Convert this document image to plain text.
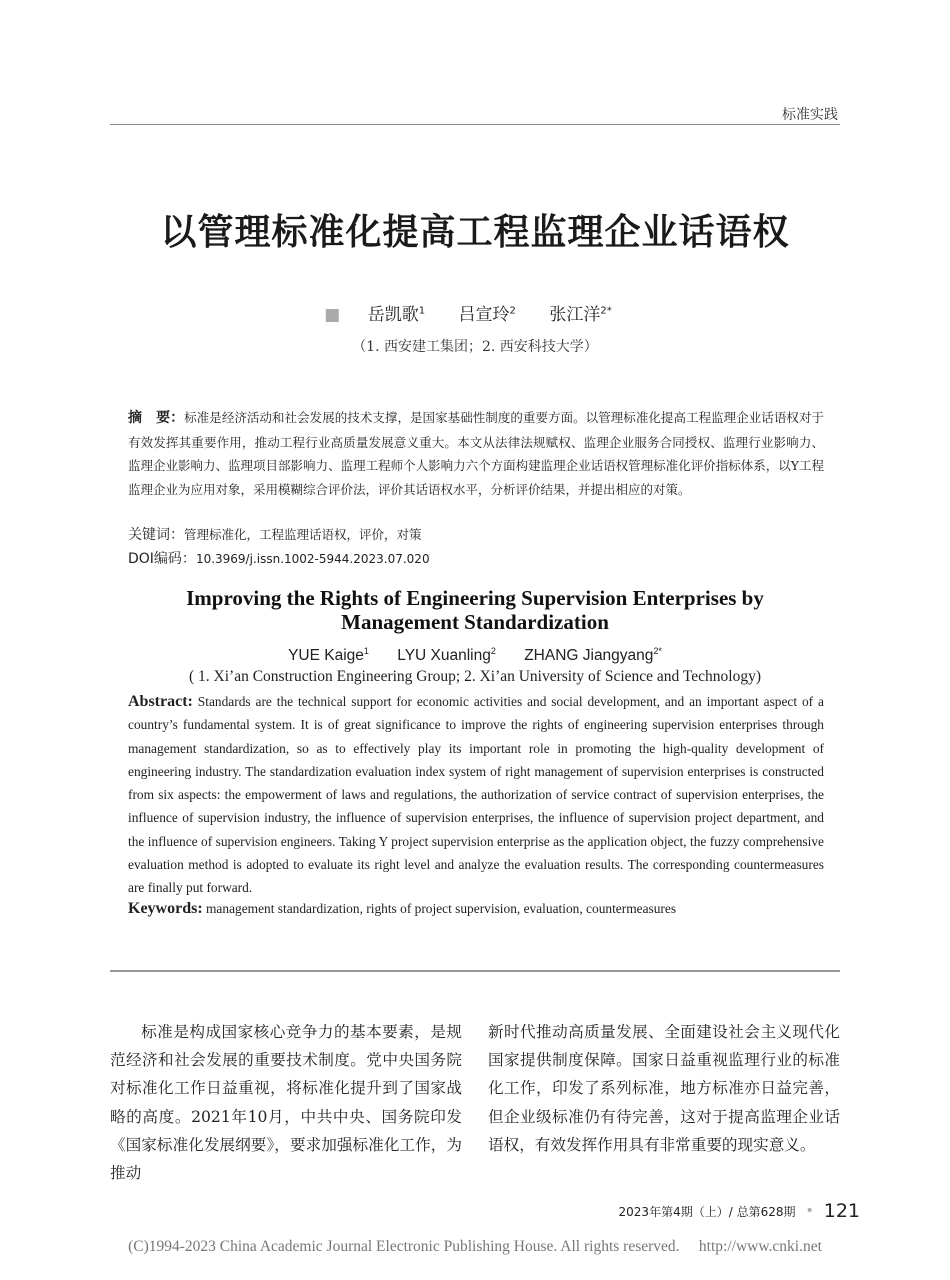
标准实践
以管理标准化提高工程监理企业话语权
■ 岳凯歌$^1$ 吕宣玲$^2$ 张江洋$^{2*}$
（1. 西安建工集团；2. 西安科技大学）
摘　要：标准是经济活动和社会发展的技术支撑，是国家基础性制度的重要方面。以管理标准化提高工程监理企业话语权对于有效发挥其重要作用，推动工程行业高质量发展意义重大。本文从法律法规赋权、监理企业服务合同授权、监理行业影响力、监理企业影响力、监理项目部影响力、监理工程师个人影响力六个方面构建监理企业话语权管理标准化评价指标体系，以Y工程监理企业为应用对象，采用模糊综合评价法，评价其话语权水平，分析评价结果，并提出相应的对策。
关键词：管理标准化，工程监理话语权，评价，对策
DOI编码：10.3969/j.issn.1002-5944.2023.07.020
Improving the Rights of Engineering Supervision Enterprises by
Management Standardization
YUE Kaige$^1$ LYU Xuanling$^2$ ZHANG Jiangyang$^{2*}$
( 1. Xi’an Construction Engineering Group; 2. Xi’an University of Science and Technology)
Abstract: Standards are the technical support for economic activities and social development, and an important aspect of a country’s fundamental system. It is of great significance to improve the rights of engineering supervision enterprises through management standardization, so as to effectively play its important role in promoting the high-quality development of engineering industry. The standardization evaluation index system of right management of supervision enterprises is constructed from six aspects: the empowerment of laws and regulations, the authorization of service contract of supervision enterprises, the influence of supervision industry, the influence of supervision enterprises, the influence of supervision project department, and the influence of supervision engineers. Taking Y project supervision enterprise as the application object, the fuzzy comprehensive evaluation method is adopted to evaluate its right level and analyze the evaluation results. The corresponding countermeasures are finally put forward.
Keywords: management standardization, rights of project supervision, evaluation, countermeasures
标准是构成国家核心竞争力的基本要素，是规范经济和社会发展的重要技术制度。党中央国务院对标准化工作日益重视，将标准化提升到了国家战略的高度。2021年10月，中共中央、国务院印发《国家标准化发展纲要》，要求加强标准化工作，为推动
新时代推动高质量发展、全面建设社会主义现代化国家提供制度保障。国家日益重视监理行业的标准化工作，印发了系列标准，地方标准亦日益完善，但企业级标准仍有待完善，这对于提高监理企业话语权，有效发挥作用具有非常重要的现实意义。
2023年第4期（上）/ 总第628期 • 121
(C)1994-2023 China Academic Journal Electronic Publishing House. All rights reserved.　 http://www.cnki.net
